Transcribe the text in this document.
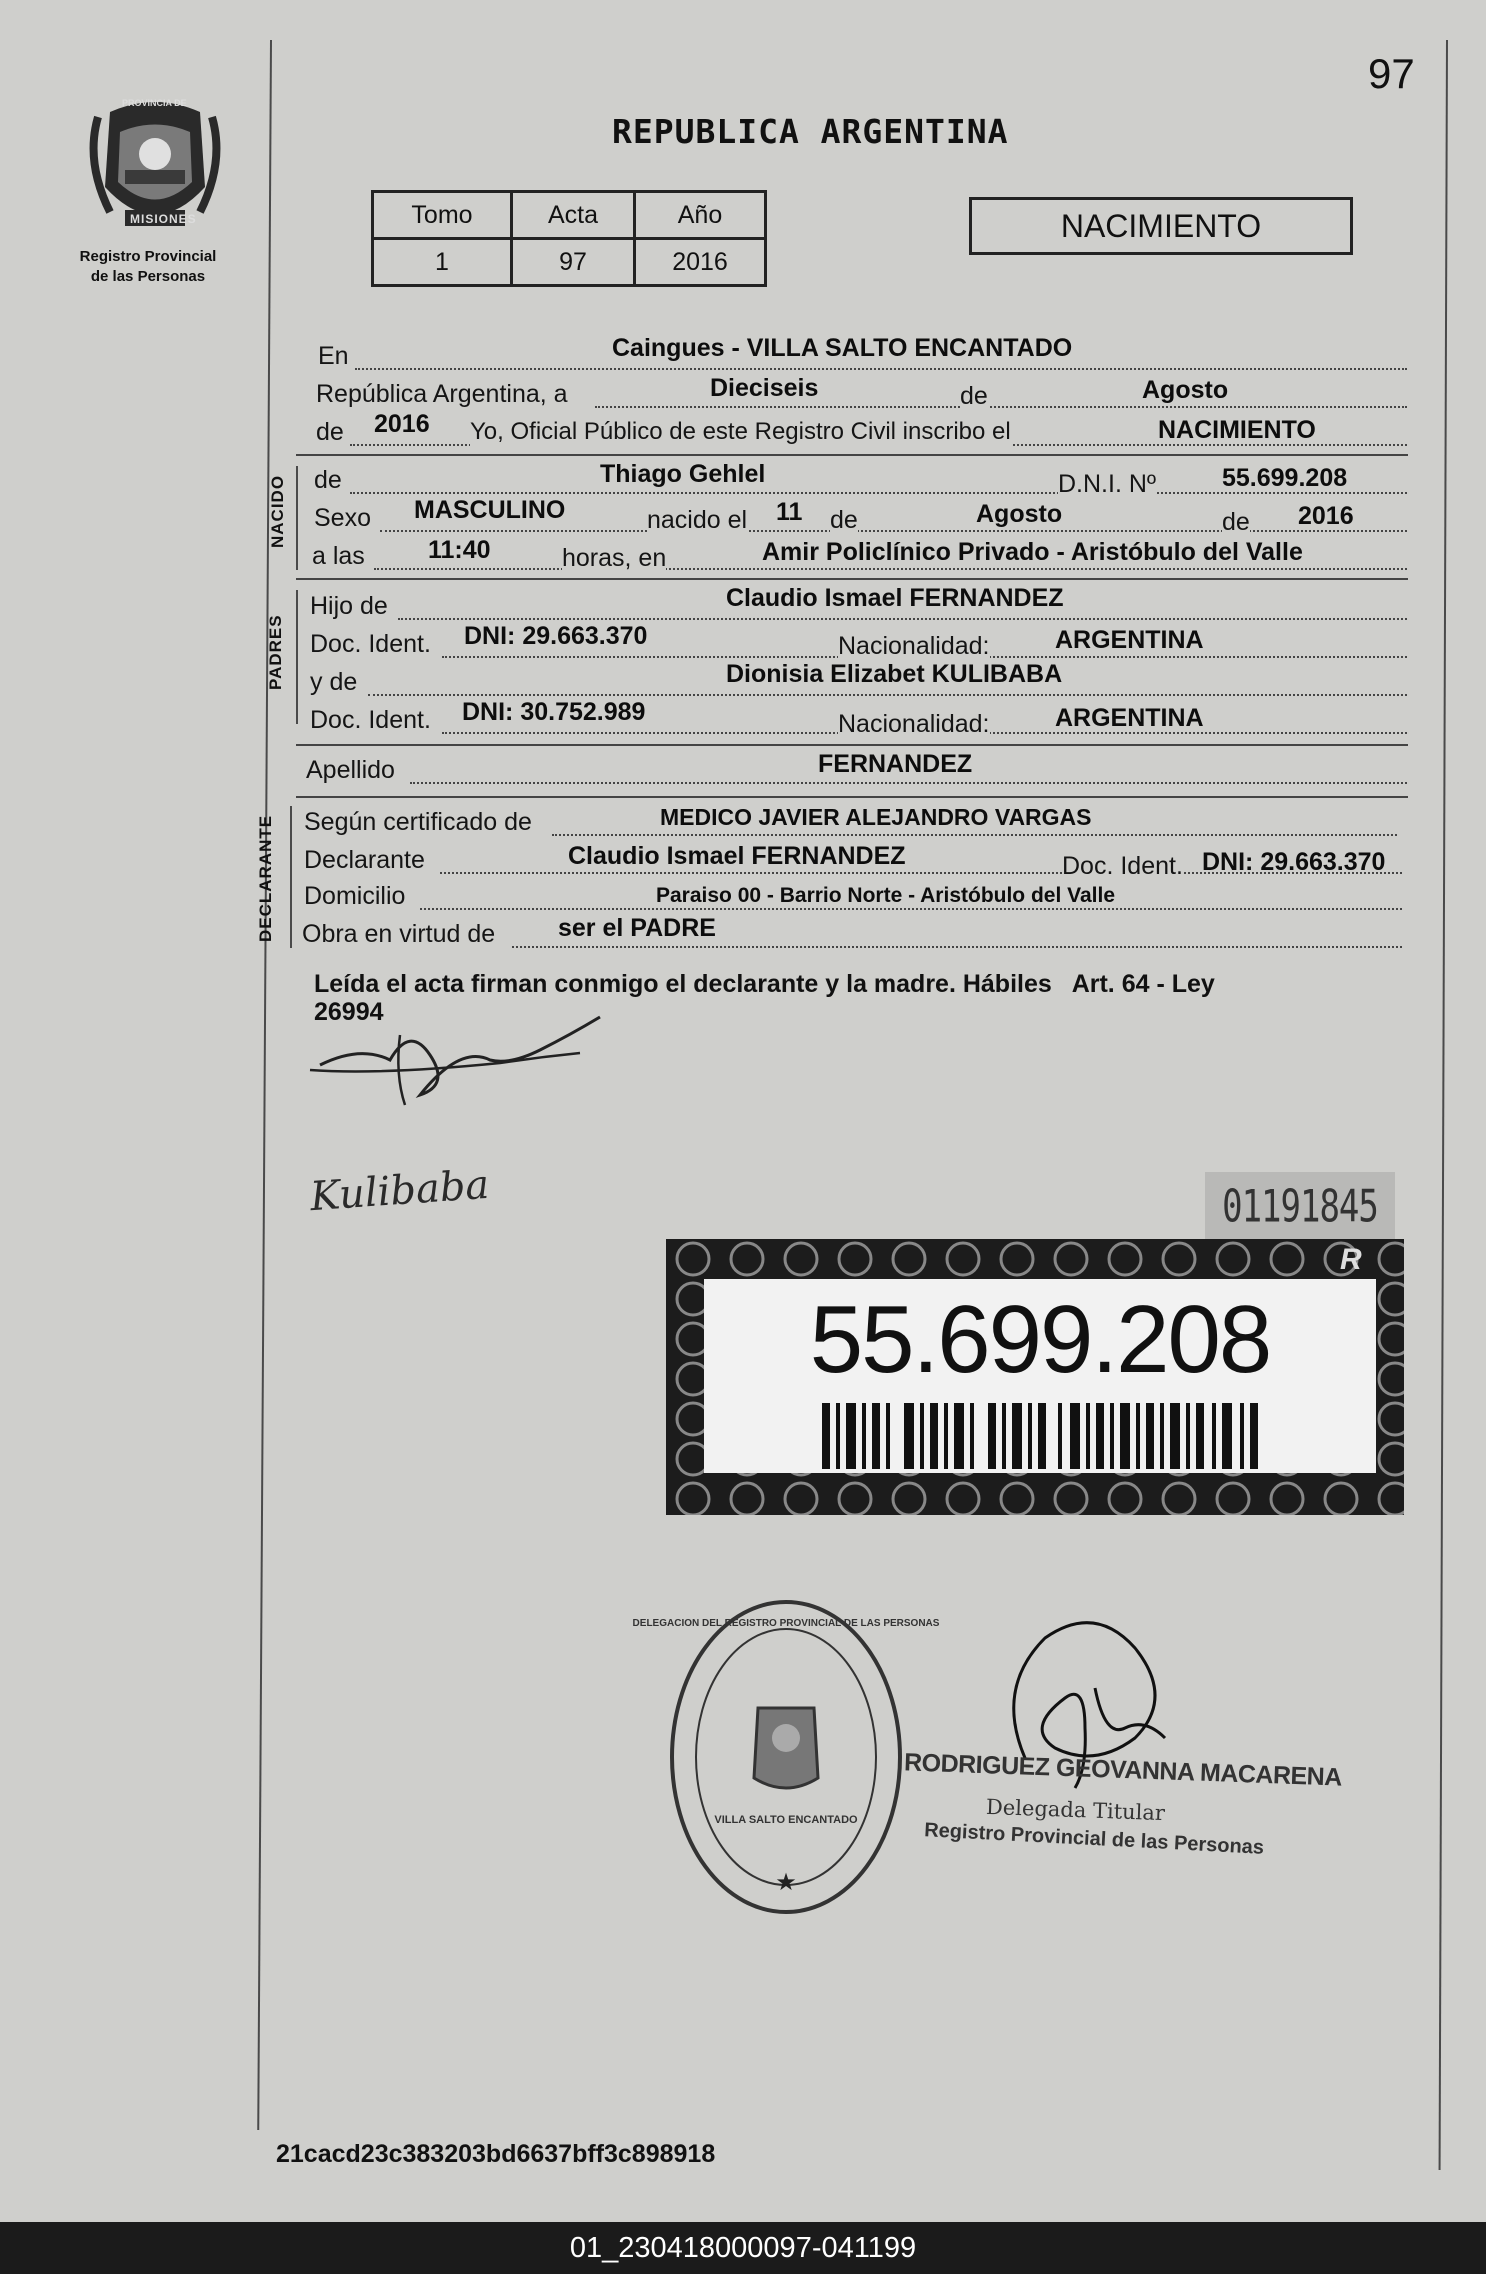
97
PROVINCIA DE
MISIONES
Registro Provincial
de las Personas
REPUBLICA ARGENTINA
Tomo	Acta	Año
1	97	2016
NACIMIENTO
En	Caingues - VILLA SALTO ENCANTADO
República Argentina, a	Dieciseis	de	Agosto
de 2016 Yo, Oficial Público de este Registro Civil inscribo el	NACIMIENTO
NACIDO de	Thiago Gehlel	D.N.I. Nº	55.699.208
Sexo MASCULINO	nacido el 11 de	Agosto	de 2016
a las	11:40	horas, en	Amir Policlínico Privado - Aristóbulo del Valle
PADRES
Hijo de	Claudio Ismael FERNANDEZ
Doc. Ident. DNI: 29.663.370	Nacionalidad:	ARGENTINA
y de	Dionisia Elizabet KULIBABA
Doc. Ident. DNI: 30.752.989	Nacionalidad:	ARGENTINA
Apellido	FERNANDEZ
DECLARANTE Según certificado de	MEDICO JAVIER ALEJANDRO VARGAS
Declarante	Claudio Ismael FERNANDEZ	Doc. Ident. DNI: 29.663.370
Domicilio	Paraiso 00 - Barrio Norte - Aristóbulo del Valle
Obra en virtud de	ser el PADRE
Leída el acta firman conmigo el declarante y la madre. Hábiles   Art. 64 - Ley
26994
Kulibaba	01191845
R
55.699.208
★
DELEGACION DEL REGISTRO PROVINCIAL DE LAS PERSONAS
VILLA SALTO ENCANTADO
RODRIGUEZ GEOVANNA MACARENA
Delegada Titular
Registro Provincial de las Personas
21cacd23c383203bd6637bff3c898918
01_230418000097-041199
